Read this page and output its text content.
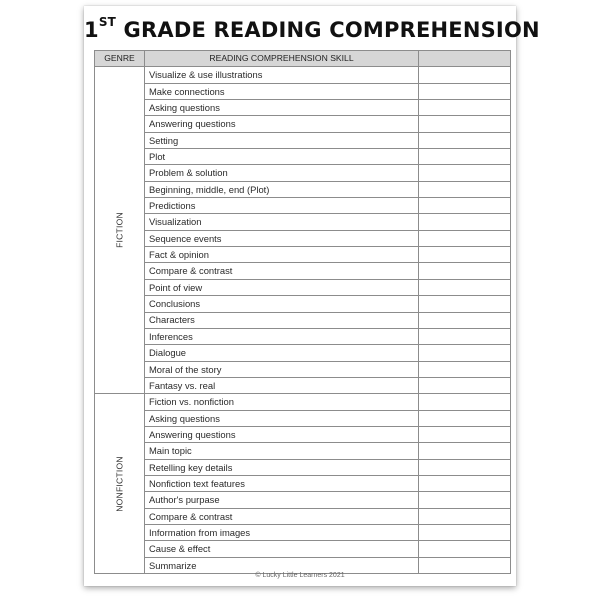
1ST GRADE READING COMPREHENSION
GENRE	READING COMPREHENSION SKILL	

FICTION	Visualize & use illustrations	
	Make connections	
	Asking questions	
	Answering questions	
	Setting	
	Plot	
	Problem & solution	
	Beginning, middle, end (Plot)	
	Predictions	
	Visualization	
	Sequence events	
	Fact & opinion	
	Compare & contrast	
	Point of view	
	Conclusions	
	Characters	
	Inferences	
	Dialogue	
	Moral of the story	
	Fantasy vs. real	

NONFICTION	Fiction vs. nonfiction	
	Asking questions	
	Answering questions	
	Main topic	
	Retelling key details	
	Nonfiction text features	
	Author's purpase	
	Compare & contrast	
	Information from images	
	Cause & effect	
	Summarize	
© Lucky Little Learners 2021
